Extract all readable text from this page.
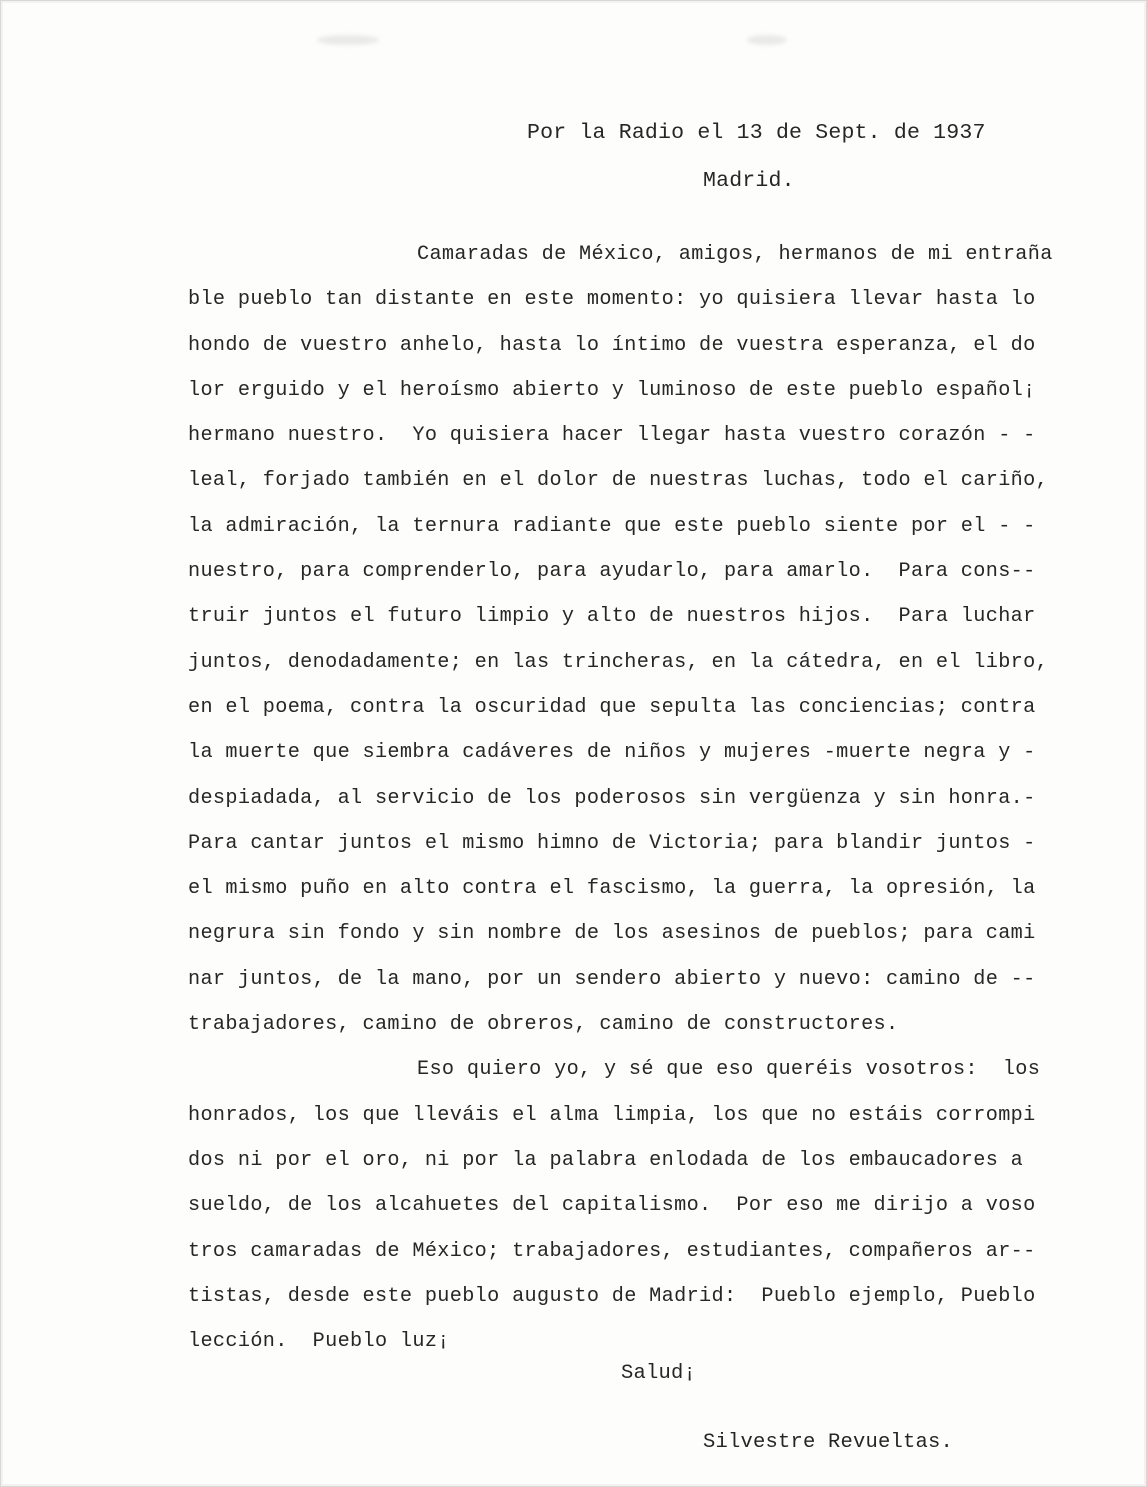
Por la Radio el 13 de Sept. de 1937
Madrid.
Camaradas de México, amigos, hermanos de mi entraña
ble pueblo tan distante en este momento: yo quisiera llevar hasta lo
hondo de vuestro anhelo, hasta lo íntimo de vuestra esperanza, el do
lor erguido y el heroísmo abierto y luminoso de este pueblo español¡
hermano nuestro.  Yo quisiera hacer llegar hasta vuestro corazón - -
leal, forjado también en el dolor de nuestras luchas, todo el cariño,
la admiración, la ternura radiante que este pueblo siente por el - -
nuestro, para comprenderlo, para ayudarlo, para amarlo.  Para cons--
truir juntos el futuro limpio y alto de nuestros hijos.  Para luchar
juntos, denodadamente; en las trincheras, en la cátedra, en el libro,
en el poema, contra la oscuridad que sepulta las conciencias; contra
la muerte que siembra cadáveres de niños y mujeres -muerte negra y -
despiadada, al servicio de los poderosos sin vergüenza y sin honra.-
Para cantar juntos el mismo himno de Victoria; para blandir juntos -
el mismo puño en alto contra el fascismo, la guerra, la opresión, la
negrura sin fondo y sin nombre de los asesinos de pueblos; para cami
nar juntos, de la mano, por un sendero abierto y nuevo: camino de --
trabajadores, camino de obreros, camino de constructores.
Eso quiero yo, y sé que eso queréis vosotros:  los
honrados, los que lleváis el alma limpia, los que no estáis corrompi
dos ni por el oro, ni por la palabra enlodada de los embaucadores a
sueldo, de los alcahuetes del capitalismo.  Por eso me dirijo a voso
tros camaradas de México; trabajadores, estudiantes, compañeros ar--
tistas, desde este pueblo augusto de Madrid:  Pueblo ejemplo, Pueblo
lección.  Pueblo luz¡
Salud¡
Silvestre Revueltas.
